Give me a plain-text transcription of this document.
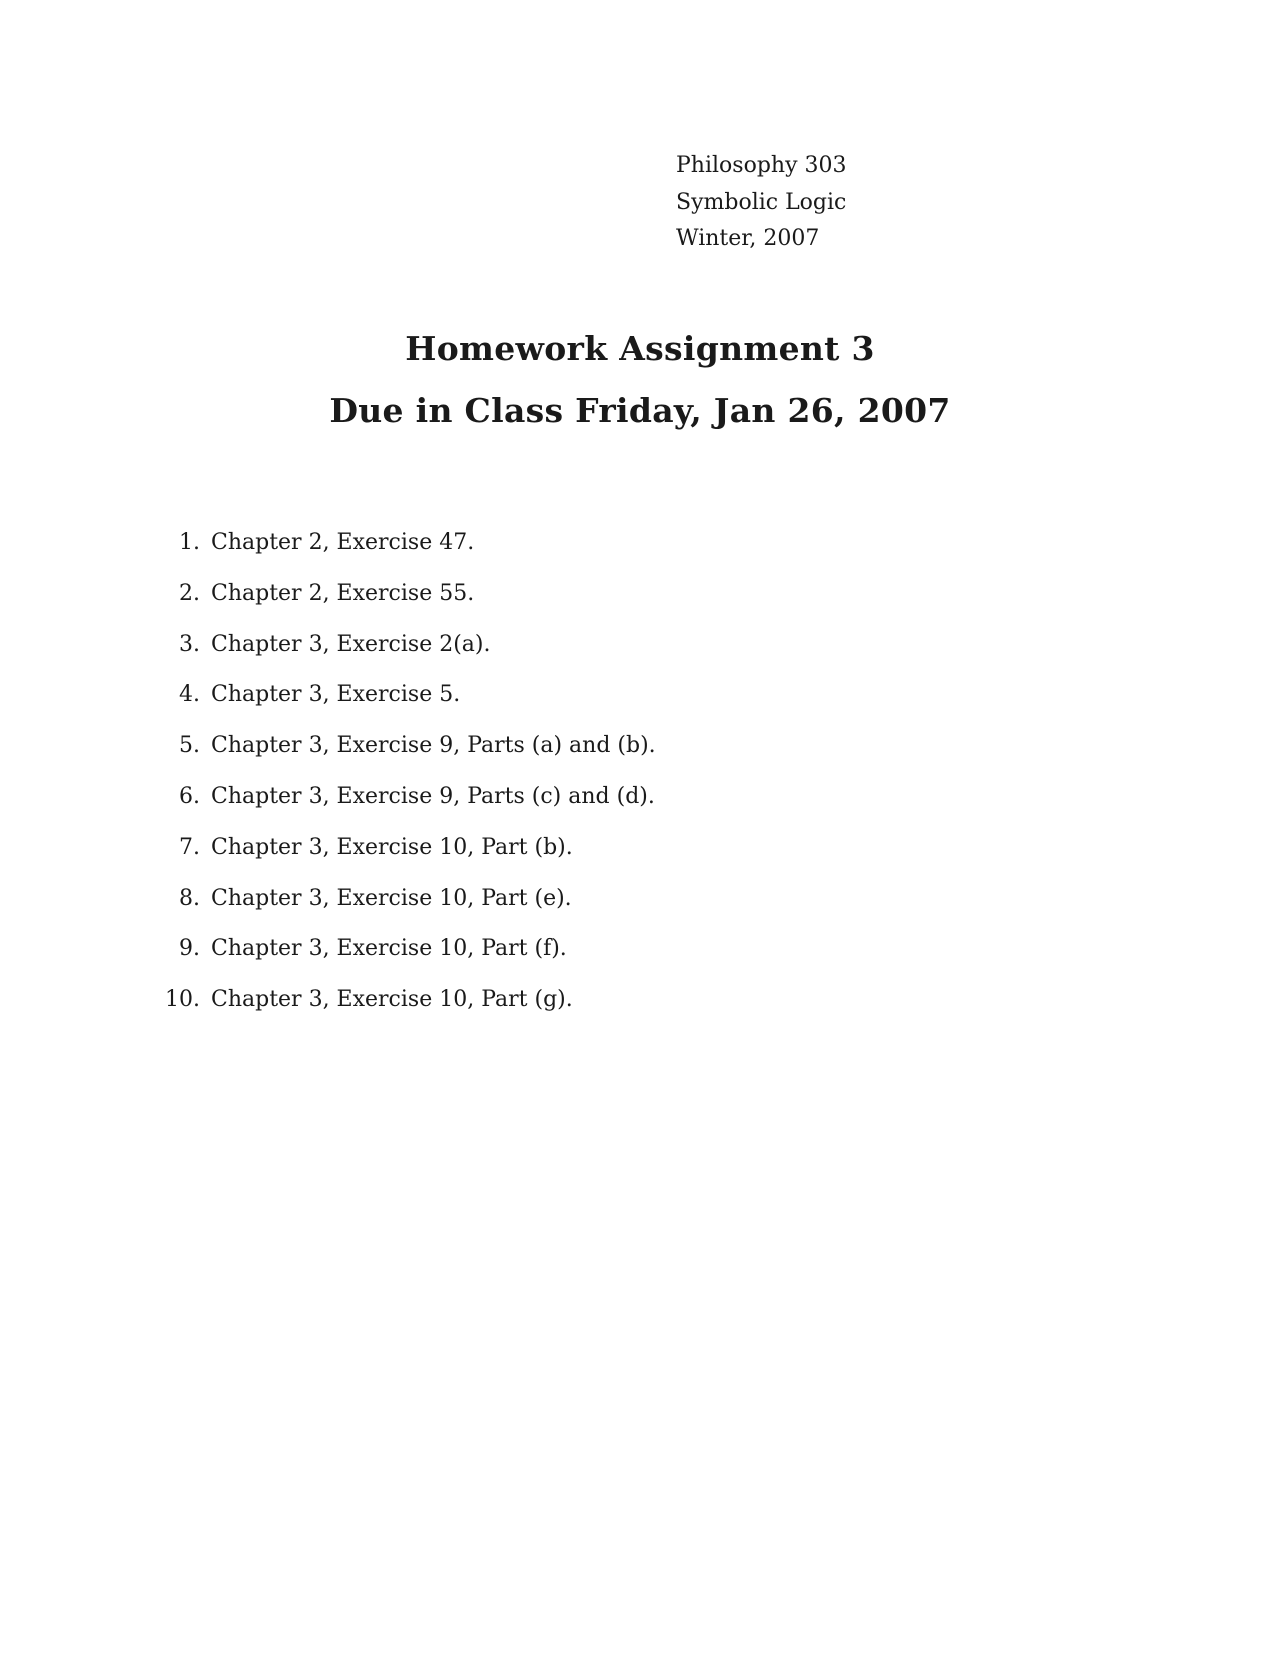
Philosophy 303
Symbolic Logic
Winter, 2007
Homework Assignment 3
Due in Class Friday, Jan 26, 2007
1. Chapter 2, Exercise 47.
2. Chapter 2, Exercise 55.
3. Chapter 3, Exercise 2(a).
4. Chapter 3, Exercise 5.
5. Chapter 3, Exercise 9, Parts (a) and (b).
6. Chapter 3, Exercise 9, Parts (c) and (d).
7. Chapter 3, Exercise 10, Part (b).
8. Chapter 3, Exercise 10, Part (e).
9. Chapter 3, Exercise 10, Part (f).
10. Chapter 3, Exercise 10, Part (g).
